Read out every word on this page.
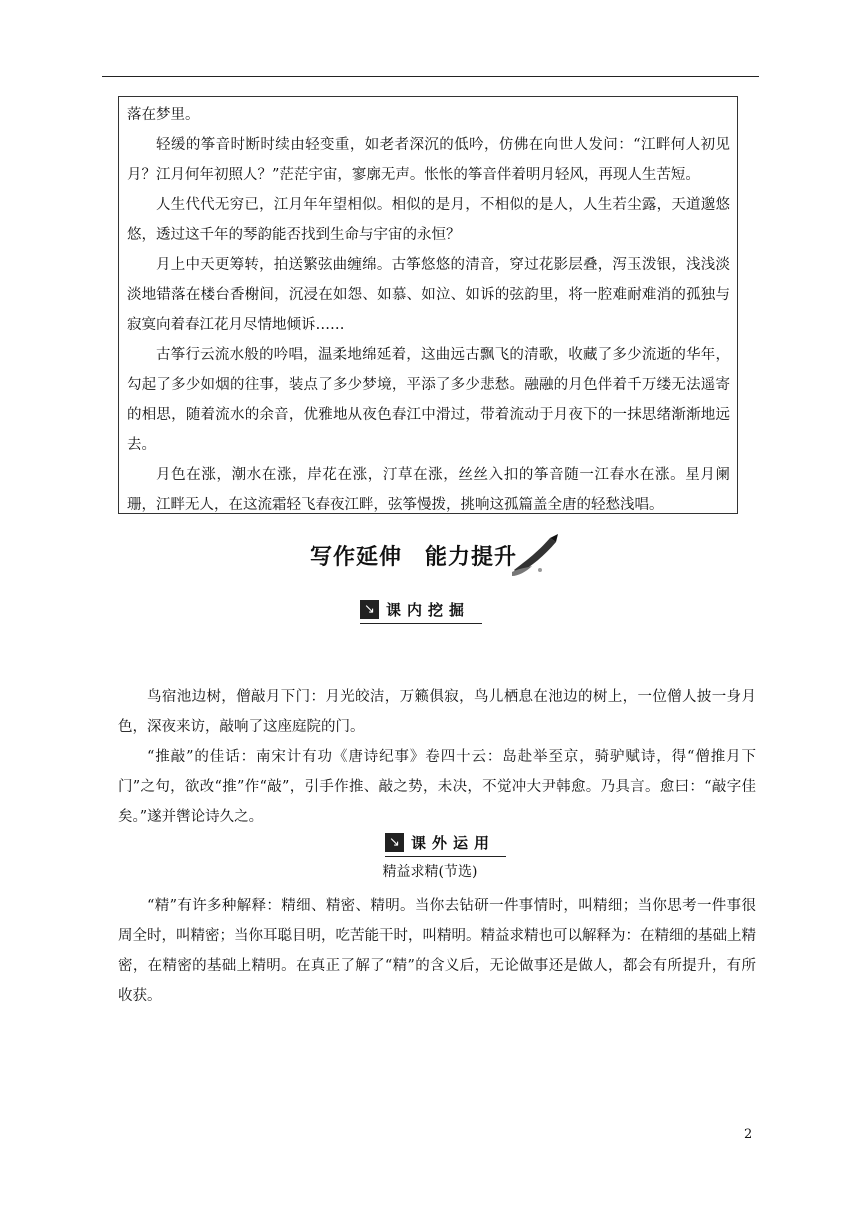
落在梦里。

轻缓的筝音时断时续由轻变重，如老者深沉的低吟，仿佛在向世人发问：“江畔何人初见月？江月何年初照人？”茫茫宇宙，寥廓无声。怅怅的筝音伴着明月轻风，再现人生苦短。

人生代代无穷已，江月年年望相似。相似的是月，不相似的是人，人生若尘露，天道邈悠悠，透过这千年的琴韵能否找到生命与宇宙的永恒？

月上中天更筹转，拍送繁弦曲缠绵。古筝悠悠的清音，穿过花影层叠，泻玉泼银，浅浅淡淡地错落在楼台香榭间，沉浸在如怨、如慕、如泣、如诉的弦韵里，将一腔难耐难消的孤独与寂寞向着春江花月尽情地倾诉……

古筝行云流水般的吟唱，温柔地绵延着，这曲远古飘飞的清歌，收藏了多少流逝的华年，勾起了多少如烟的往事，装点了多少梦境，平添了多少悲愁。融融的月色伴着千万缕无法遥寄的相思，随着流水的余音，优雅地从夜色春江中滑过，带着流动于月夜下的一抹思绪渐渐地远去。

月色在涨，潮水在涨，岸花在涨，汀草在涨，丝丝入扣的筝音随一江春水在涨。星月阑珊，江畔无人，在这流霜轻飞春夜江畔，弦筝慢拨，挑响这孤篇盖全唐的轻愁浅唱。

写作延伸　能力提升
↘ 课内挖掘

鸟宿池边树，僧敲月下门：月光皎洁，万籁俱寂，鸟儿栖息在池边的树上，一位僧人披一身月色，深夜来访，敲响了这座庭院的门。

“推敲”的佳话：南宋计有功《唐诗纪事》卷四十云：岛赴举至京，骑驴赋诗，得“僧推月下门”之句，欲改“推”作“敲”，引手作推、敲之势，未决，不觉冲大尹韩愈。乃具言。愈曰：“敲字佳矣。”遂并辔论诗久之。

↘ 课外运用
精益求精(节选)

“精”有许多种解释：精细、精密、精明。当你去钻研一件事情时，叫精细；当你思考一件事很周全时，叫精密；当你耳聪目明，吃苦能干时，叫精明。精益求精也可以解释为：在精细的基础上精密，在精密的基础上精明。在真正了解了“精”的含义后，无论做事还是做人，都会有所提升，有所收获。

2
